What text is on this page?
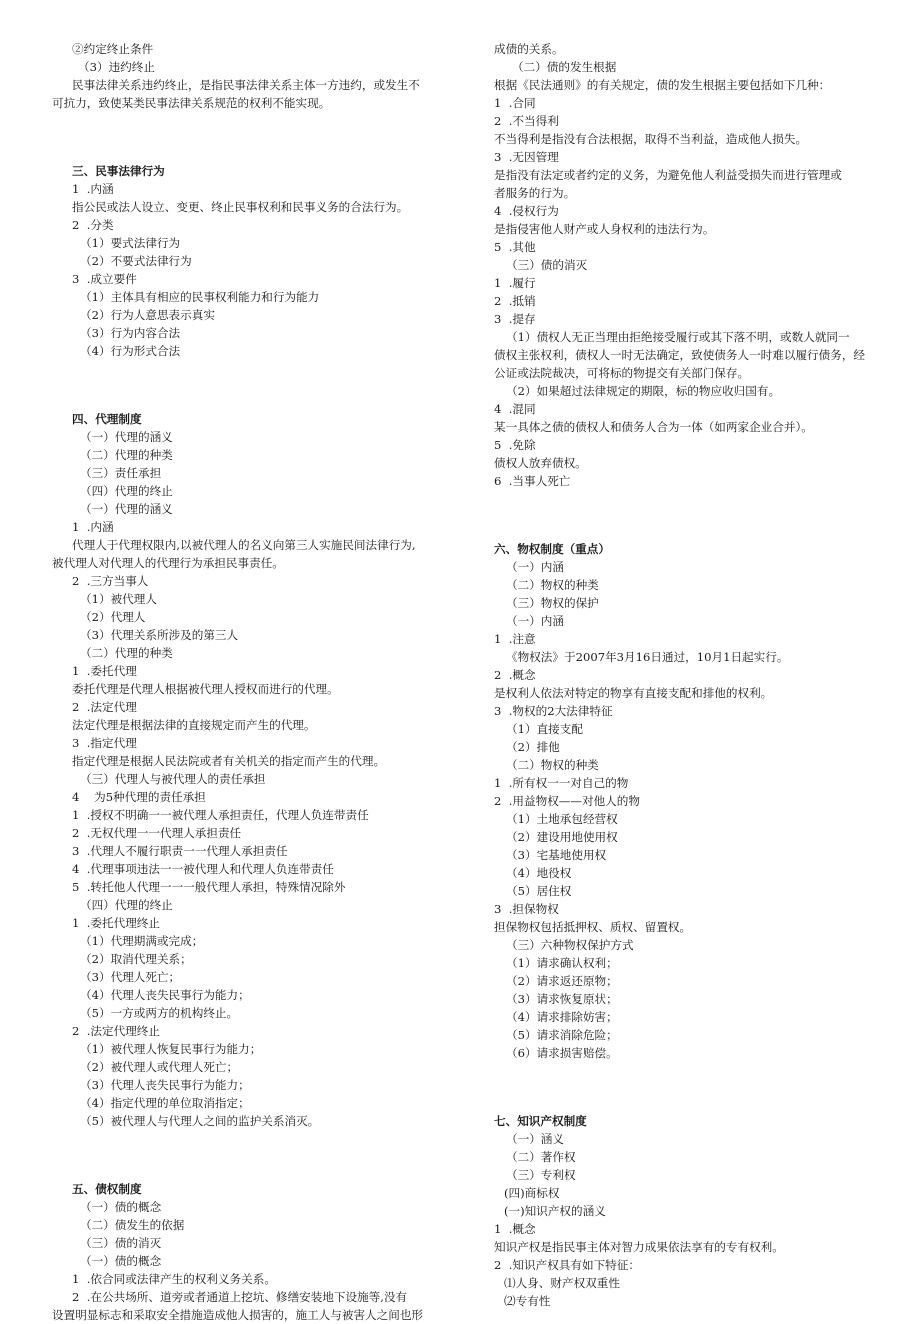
②约定终止条件

（3）违约终止

民事法律关系违约终止，是指民事法律关系主体一方违约，或发生不

可抗力，致使某类民事法律关系规范的权利不能实现。

三、民事法律行为

1  .内涵

指公民或法人设立、变更、终止民事权利和民事义务的合法行为。

2  .分类

（1）要式法律行为

（2）不要式法律行为

3  .成立要件

（1）主体具有相应的民事权利能力和行为能力

（2）行为人意思表示真实

（3）行为内容合法

（4）行为形式合法

四、代理制度

（一）代理的涵义

（二）代理的种类

（三）责任承担

（四）代理的终止

（一）代理的涵义

1  .内涵

代理人于代理权限内,以被代理人的名义向第三人实施民间法律行为,

被代理人对代理人的代理行为承担民事责任。

2  .三方当事人

（1）被代理人

（2）代理人

（3）代理关系所涉及的第三人

（二）代理的种类

1  .委托代理

委托代理是代理人根据被代理人授权而进行的代理。

2  .法定代理

法定代理是根据法律的直接规定而产生的代理。

3  .指定代理

指定代理是根据人民法院或者有关机关的指定而产生的代理。

（三）代理人与被代理人的责任承担

4    为5种代理的责任承担

1  .授权不明确一一被代理人承担责任，代理人负连带责任

2  .无权代理一一代理人承担责任

3  .代理人不履行职责一一代理人承担责任

4  .代理事项违法一一被代理人和代理人负连带责任

5  .转托他人代理一一一般代理人承担，特殊情况除外

（四）代理的终止

1  .委托代理终止

（1）代理期满或完成；

（2）取消代理关系；

（3）代理人死亡；

（4）代理人丧失民事行为能力；

（5）一方或两方的机构终止。

2  .法定代理终止

（1）被代理人恢复民事行为能力；

（2）被代理人或代理人死亡；

（3）代理人丧失民事行为能力；

（4）指定代理的单位取消指定；

（5）被代理人与代理人之间的监护关系消灭。

五、债权制度

（一）债的概念

（二）债发生的依据

（三）债的消灭

（一）债的概念

1  .依合同或法律产生的权利义务关系。

2  .在公共场所、道旁或者通道上挖坑、修缮安装地下设施等,没有

设置明显标志和采取安全措施造成他人损害的，施工人与被害人之间也形

成债的关系。

（二）债的发生根据

根据《民法通则》的有关规定，债的发生根据主要包括如下几种：

1  .合同

2  .不当得利

不当得利是指没有合法根据，取得不当利益，造成他人损失。

3  .无因管理

是指没有法定或者约定的义务，为避免他人利益受损失而进行管理或

者服务的行为。

4  .侵权行为

是指侵害他人财产或人身权利的违法行为。

5  .其他

（三）债的消灭

1  .履行

2  .抵销

3  .提存

（1）债权人无正当理由拒绝接受履行或其下落不明，或数人就同一

债权主张权利，债权人一时无法确定，致使债务人一时难以履行债务，经

公证或法院裁决，可将标的物提交有关部门保存。

（2）如果超过法律规定的期限，标的物应收归国有。

4  .混同

某一具体之债的债权人和债务人合为一体（如两家企业合并）。

5  .免除

债权人放弃债权。

6  .当事人死亡

六、物权制度（重点）

（一）内涵

（二）物权的种类

（三）物权的保护

（一）内涵

1  .注意

《物权法》于2007年3月16日通过，10月1日起实行。

2  .概念

是权利人依法对特定的物享有直接支配和排他的权利。

3  .物权的2大法律特征

（1）直接支配

（2）排他

（二）物权的种类

1  .所有权一一对自己的物

2  .用益物权——对他人的物

（1）土地承包经营权

（2）建设用地使用权

（3）宅基地使用权

（4）地役权

（5）居住权

3  .担保物权

担保物权包括抵押权、质权、留置权。

（三）六种物权保护方式

（1）请求确认权利；

（2）请求返还原物；

（3）请求恢复原状；

（4）请求排除妨害；

（5）请求消除危险；

（6）请求损害赔偿。

七、知识产权制度

（一）涵义

（二）著作权

（三）专利权

(四)商标权

(一)知识产权的涵义

1  .概念

知识产权是指民事主体对智力成果依法享有的专有权利。

2  .知识产权具有如下特征：

⑴人身、财产权双重性

⑵专有性
